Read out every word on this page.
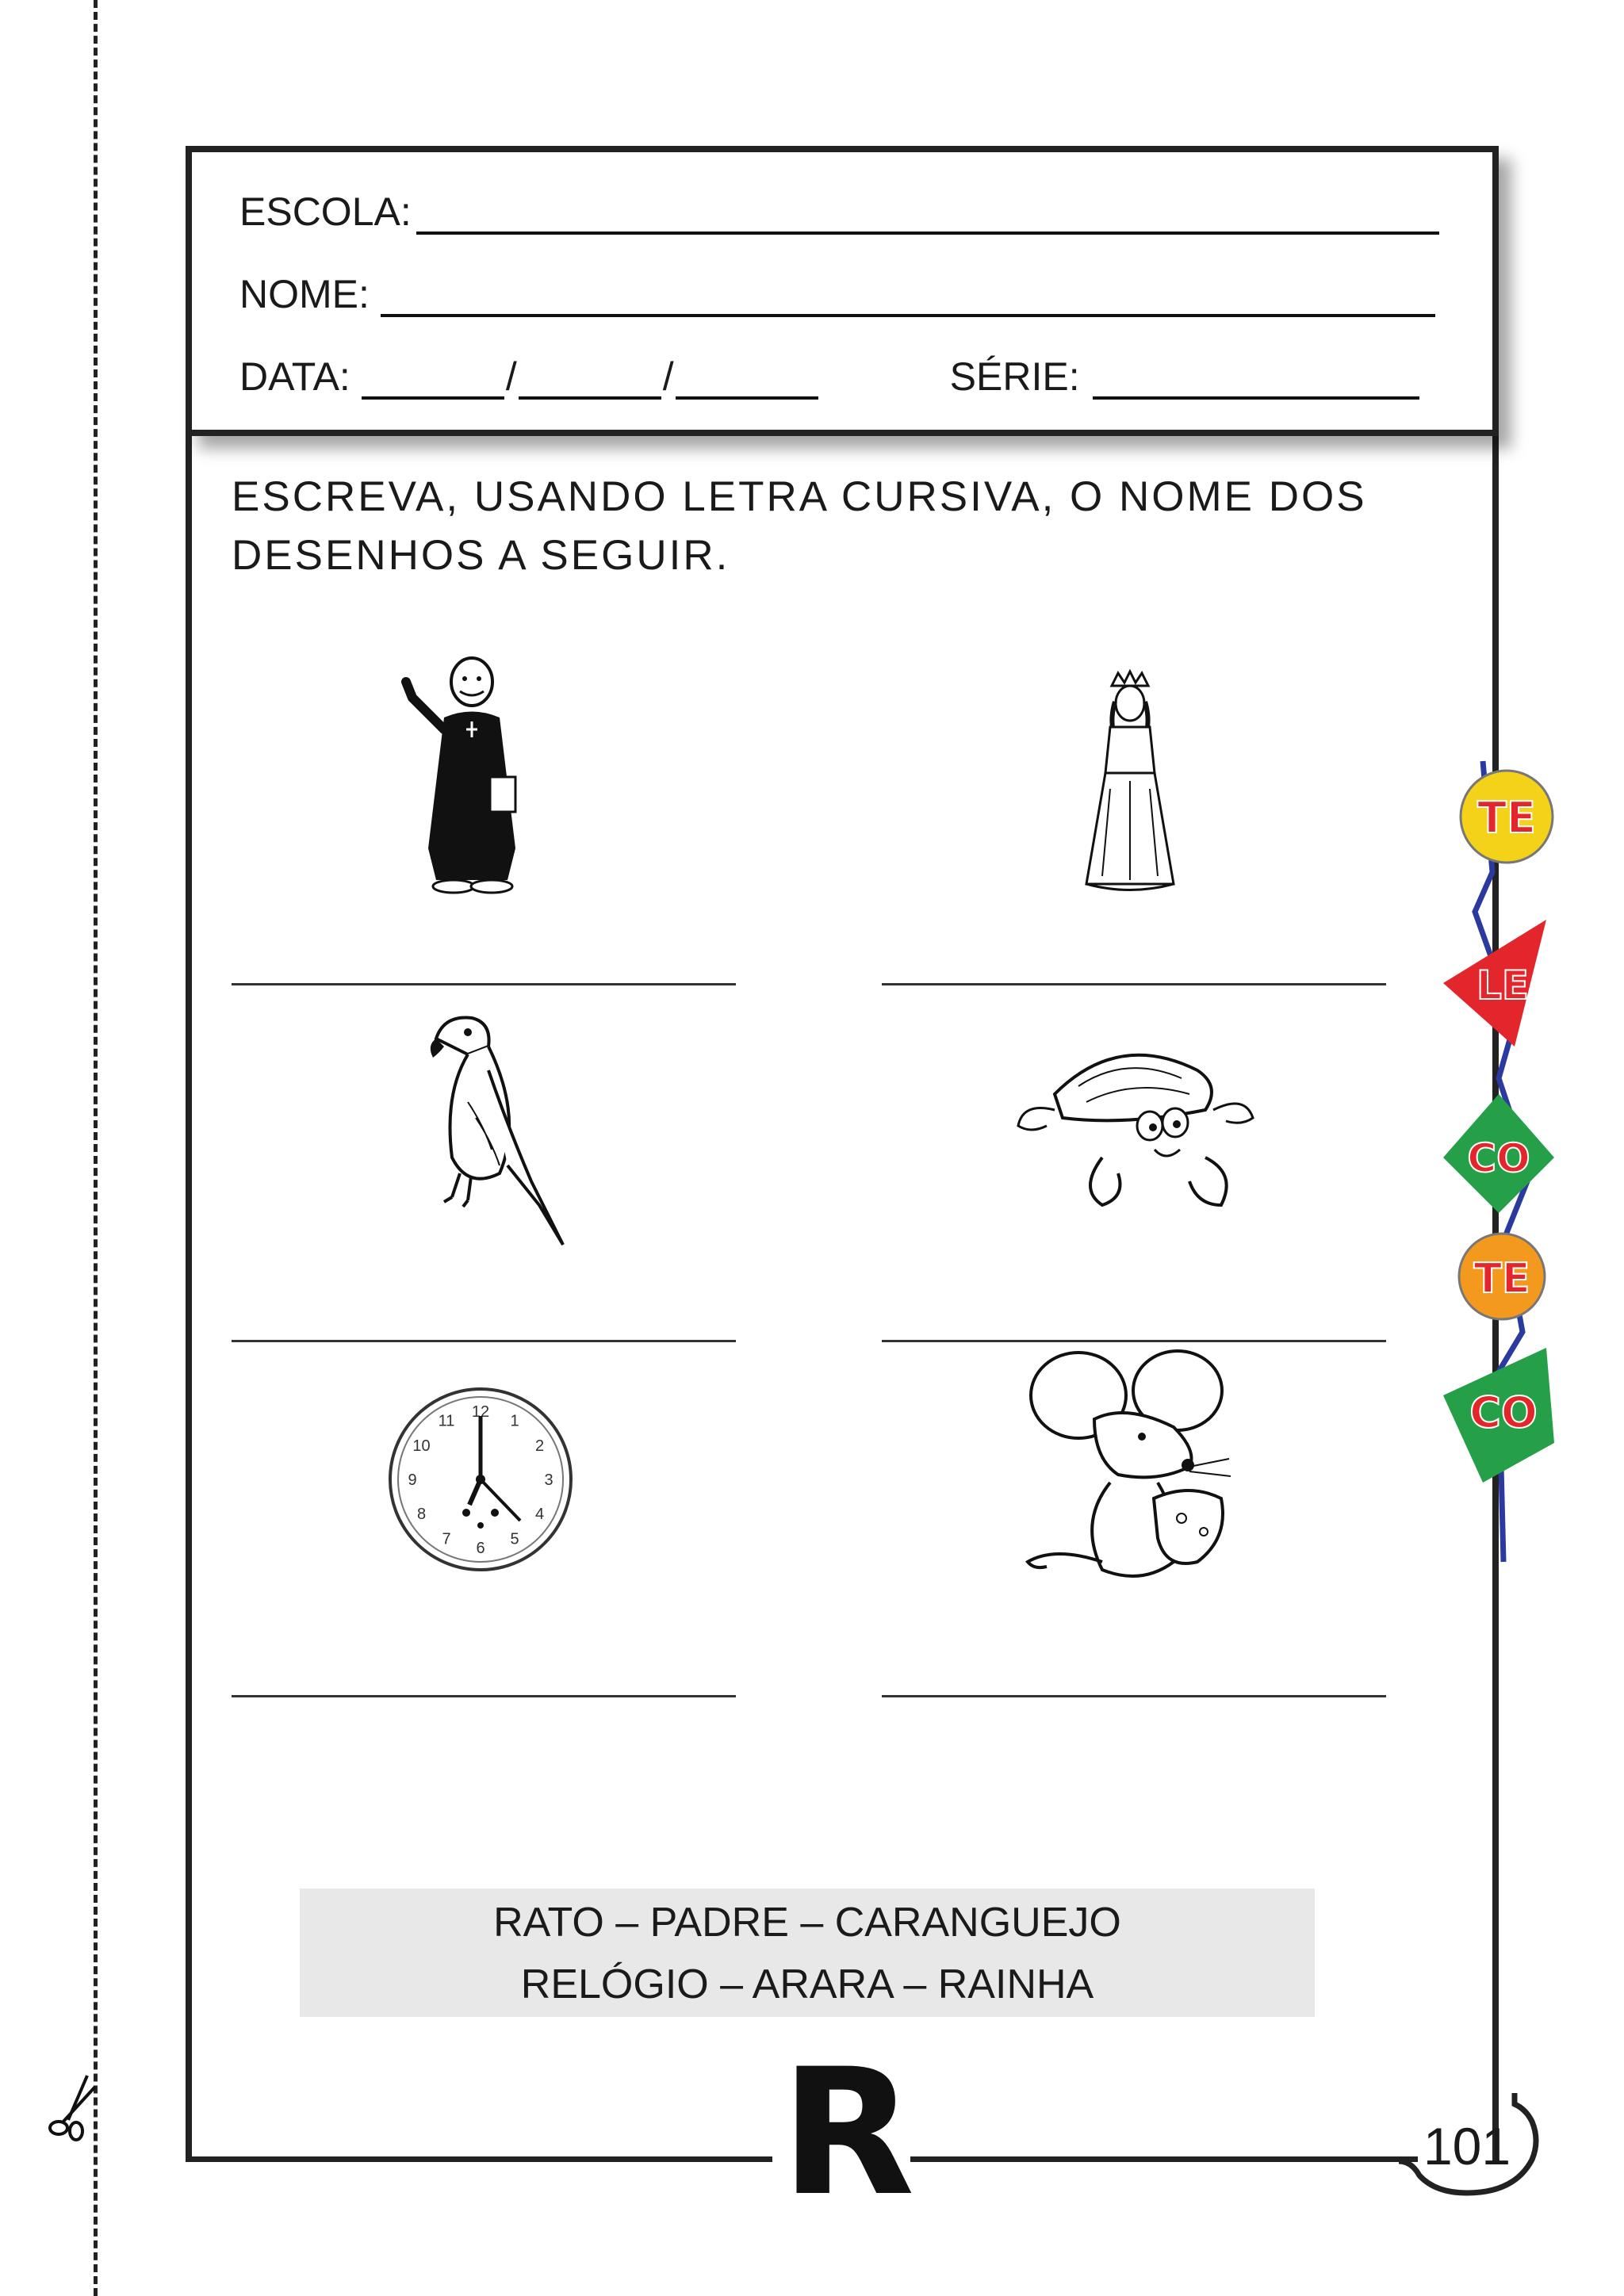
ESCOLA:
NOME:
DATA:	/	/	SÉRIE:
ESCREVA, USANDO LETRA CURSIVA, O NOME DOS DESENHOS A SEGUIR.
12
1
2
3
4
5
6
7
8
9
10
11
RATO – PADRE – CARANGUEJO
RELÓGIO – ARARA – RAINHA
R	101
TE
LE
CO
TE
CO
